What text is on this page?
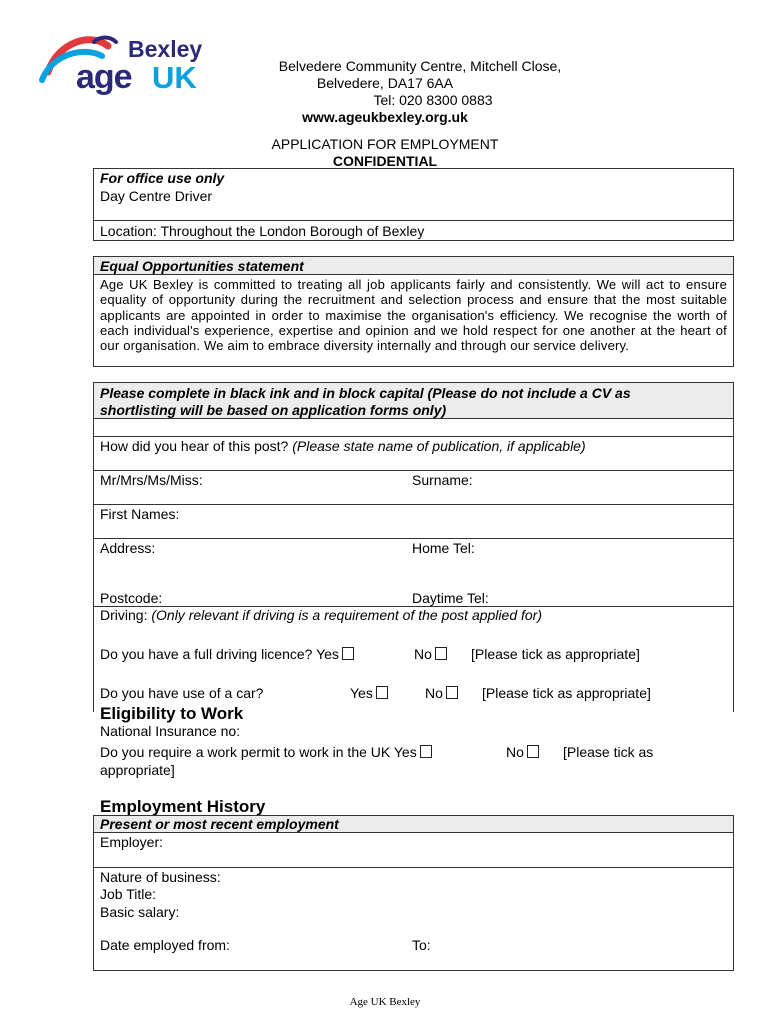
Bexley
age UK	Belvedere Community Centre, Mitchell Close,
Belvedere, DA17 6AA
Tel: 020 8300 0883
www.ageukbexley.org.uk
APPLICATION FOR EMPLOYMENT
CONFIDENTIAL
For office use only
Day Centre Driver
Location: Throughout the London Borough of Bexley
Equal Opportunities statement
Age UK Bexley is committed to treating all job applicants fairly and consistently. We will act to ensure equality of opportunity during the recruitment and selection process and ensure that the most suitable applicants are appointed in order to maximise the organisation's efficiency. We recognise the worth of each individual's experience, expertise and opinion and we hold respect for one another at the heart of our organisation. We aim to embrace diversity internally and through our service delivery.
Please complete in black ink and in block capital (Please do not include a CV as
shortlisting will be based on application forms only)
How did you hear of this post? (Please state name of publication, if applicable)
Mr/Mrs/Ms/Miss:	Surname:
First Names:
Address:	Home Tel:
Postcode:	Daytime Tel:
Driving: (Only relevant if driving is a requirement of the post applied for)
Do you have a full driving licence? Yes	No	[Please tick as appropriate]
Do you have use of a car?	Yes	No	[Please tick as appropriate]
Eligibility to Work
National Insurance no:
Do you require a work permit to work in the UK Yes	No	[Please tick as
appropriate]
Employment History
Present or most recent employment
Employer:
Nature of business:
Job Title:
Basic salary:
Date employed from:	To:
Age UK Bexley
